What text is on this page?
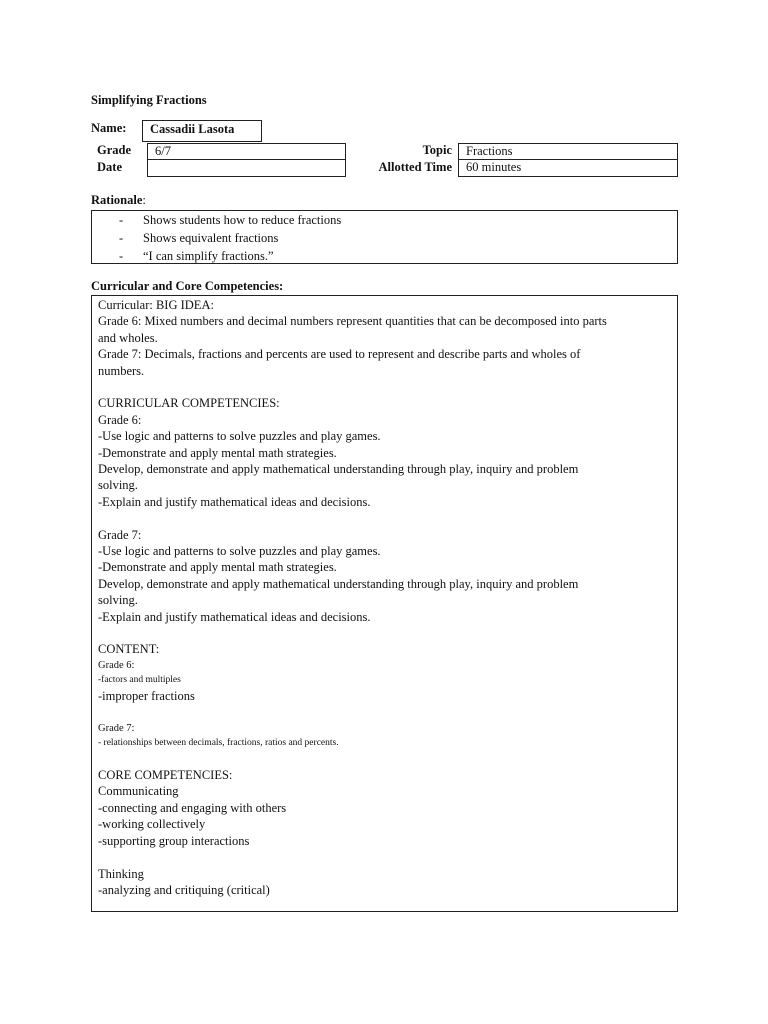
Simplifying Fractions
Name: Cassadii Lasota
Grade 6/7	Topic Fractions
Date	Allotted Time 60 minutes
Rationale:
- Shows students how to reduce fractions
- Shows equivalent fractions
- “I can simplify fractions.”
Curricular and Core Competencies:
Curricular: BIG IDEA:
Grade 6: Mixed numbers and decimal numbers represent quantities that can be decomposed into parts
and wholes.
Grade 7: Decimals, fractions and percents are used to represent and describe parts and wholes of
numbers.
CURRICULAR COMPETENCIES:
Grade 6:
-Use logic and patterns to solve puzzles and play games.
-Demonstrate and apply mental math strategies.
Develop, demonstrate and apply mathematical understanding through play, inquiry and problem
solving.
-Explain and justify mathematical ideas and decisions.
Grade 7:
-Use logic and patterns to solve puzzles and play games.
-Demonstrate and apply mental math strategies.
Develop, demonstrate and apply mathematical understanding through play, inquiry and problem
solving.
-Explain and justify mathematical ideas and decisions.
CONTENT:
Grade 6:
-factors and multiples
-improper fractions
Grade 7:
- relationships between decimals, fractions, ratios and percents.
CORE COMPETENCIES:
Communicating
-connecting and engaging with others
-working collectively
-supporting group interactions
Thinking
-analyzing and critiquing (critical)
